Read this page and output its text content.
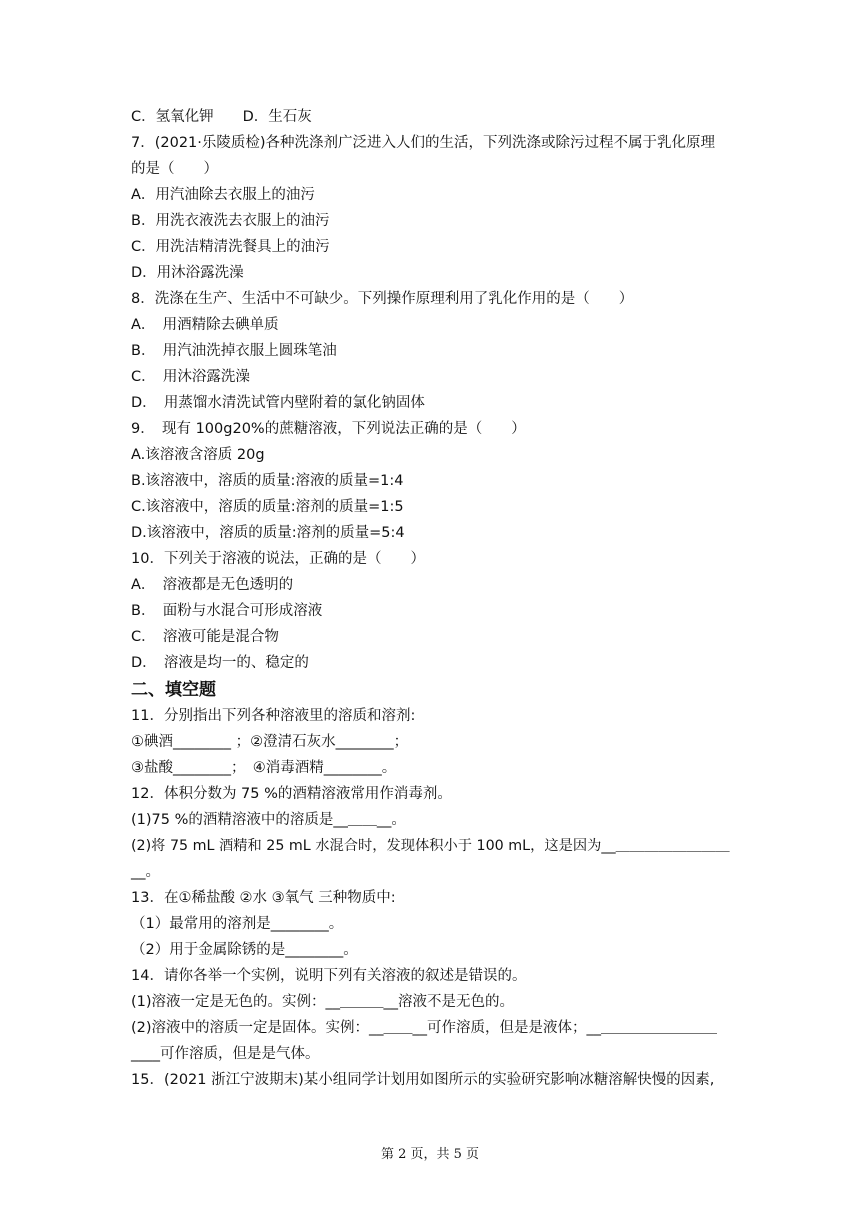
C．氢氧化钾　　D．生石灰
7．(2021·乐陵质检)各种洗涤剂广泛进入人们的生活，下列洗涤或除污过程不属于乳化原理
的是（　　）
A．用汽油除去衣服上的油污
B．用洗衣液洗去衣服上的油污
C．用洗洁精清洗餐具上的油污
D．用沐浴露洗澡
8．洗涤在生产、生活中不可缺少。下列操作原理利用了乳化作用的是（　　）
A．　用酒精除去碘单质
B．　用汽油洗掉衣服上圆珠笔油
C．　用沐浴露洗澡
D．　用蒸馏水清洗试管内壁附着的氯化钠固体
9．　现有 100g20%的蔗糖溶液，下列说法正确的是（　　）
A.该溶液含溶质 20g
B.该溶液中，溶质的质量:溶液的质量=1:4
C.该溶液中，溶质的质量:溶剂的质量=1:5
D.该溶液中，溶质的质量:溶剂的质量=5:4
10．下列关于溶液的说法，正确的是（　　）
A．　溶液都是无色透明的
B．　面粉与水混合可形成溶液
C．　溶液可能是混合物
D．　溶液是均一的、稳定的
二、填空题
11．分别指出下列各种溶液里的溶质和溶剂:
①碘酒________ ；②澄清石灰水________；
③盐酸________；　④消毒酒精________。
12．体积分数为 75 %的酒精溶液常用作消毒剂。
(1)75 %的酒精溶液中的溶质是__＿＿__。
(2)将 75 mL 酒精和 25 mL 水混合时，发现体积小于 100 mL，这是因为__＿＿＿＿＿＿＿＿
__。
13．在①稀盐酸 ②水 ③氧气 三种物质中:
（1）最常用的溶剂是________。
（2）用于金属除锈的是________。
14．请你各举一个实例，说明下列有关溶液的叙述是错误的。
(1)溶液一定是无色的。实例：__＿＿＿__溶液不是无色的。
(2)溶液中的溶质一定是固体。实例：__＿＿__可作溶质，但是是液体；__＿＿＿＿＿＿＿＿
____可作溶质，但是是气体。
15．(2021 浙江宁波期末)某小组同学计划用如图所示的实验研究影响冰糖溶解快慢的因素,
第 2 页，共 5 页
